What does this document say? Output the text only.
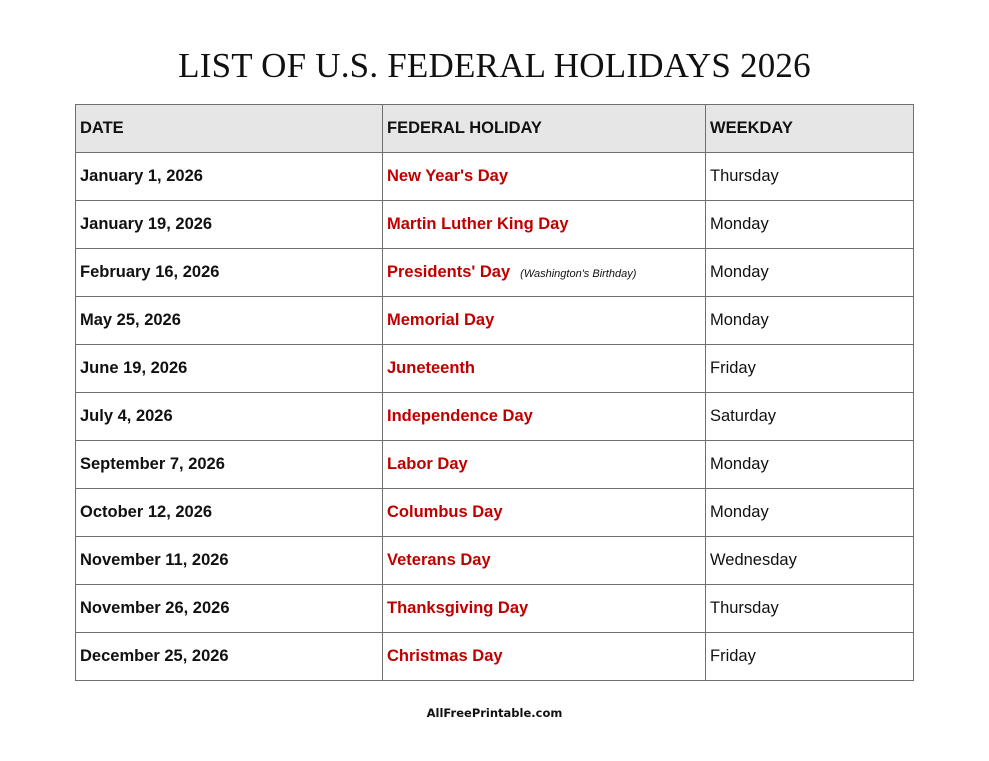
LIST OF U.S. FEDERAL HOLIDAYS 2026
DATE	FEDERAL HOLIDAY	WEEKDAY
January 1, 2026	New Year's Day	Thursday
January 19, 2026	Martin Luther King Day	Monday
February 16, 2026	Presidents' Day (Washington's Birthday)	Monday
May 25, 2026	Memorial Day	Monday
June 19, 2026	Juneteenth	Friday
July 4, 2026	Independence Day	Saturday
September 7, 2026	Labor Day	Monday
October 12, 2026	Columbus Day	Monday
November 11, 2026	Veterans Day	Wednesday
November 26, 2026	Thanksgiving Day	Thursday
December 25, 2026	Christmas Day	Friday
AllFreePrintable.com
